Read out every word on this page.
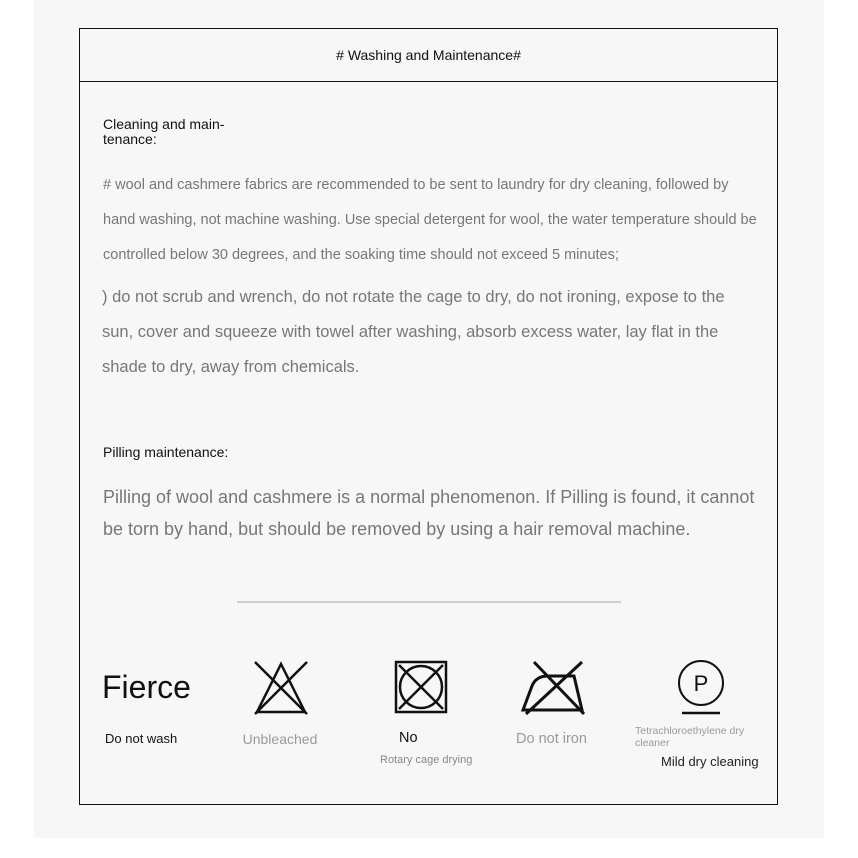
# Washing and Maintenance#
Cleaning and main-
tenance:
# wool and cashmere fabrics are recommended to be sent to laundry for dry cleaning, followed by hand washing, not machine washing. Use special detergent for wool, the water temperature should be controlled below 30 degrees, and the soaking time should not exceed 5 minutes;
) do not scrub and wrench, do not rotate the cage to dry, do not ironing, expose to the sun, cover and squeeze with towel after washing, absorb excess water, lay flat in the shade to dry, away from chemicals.
Pilling maintenance:
Pilling of wool and cashmere is a normal phenomenon. If Pilling is found, it cannot be torn by hand, but should be removed by using a hair removal machine.
Fierce	P
Do not wash	Unbleached	No
Rotary cage drying
Do not iron	Tetrachloroethylene dry cleaner
Mild dry cleaning
